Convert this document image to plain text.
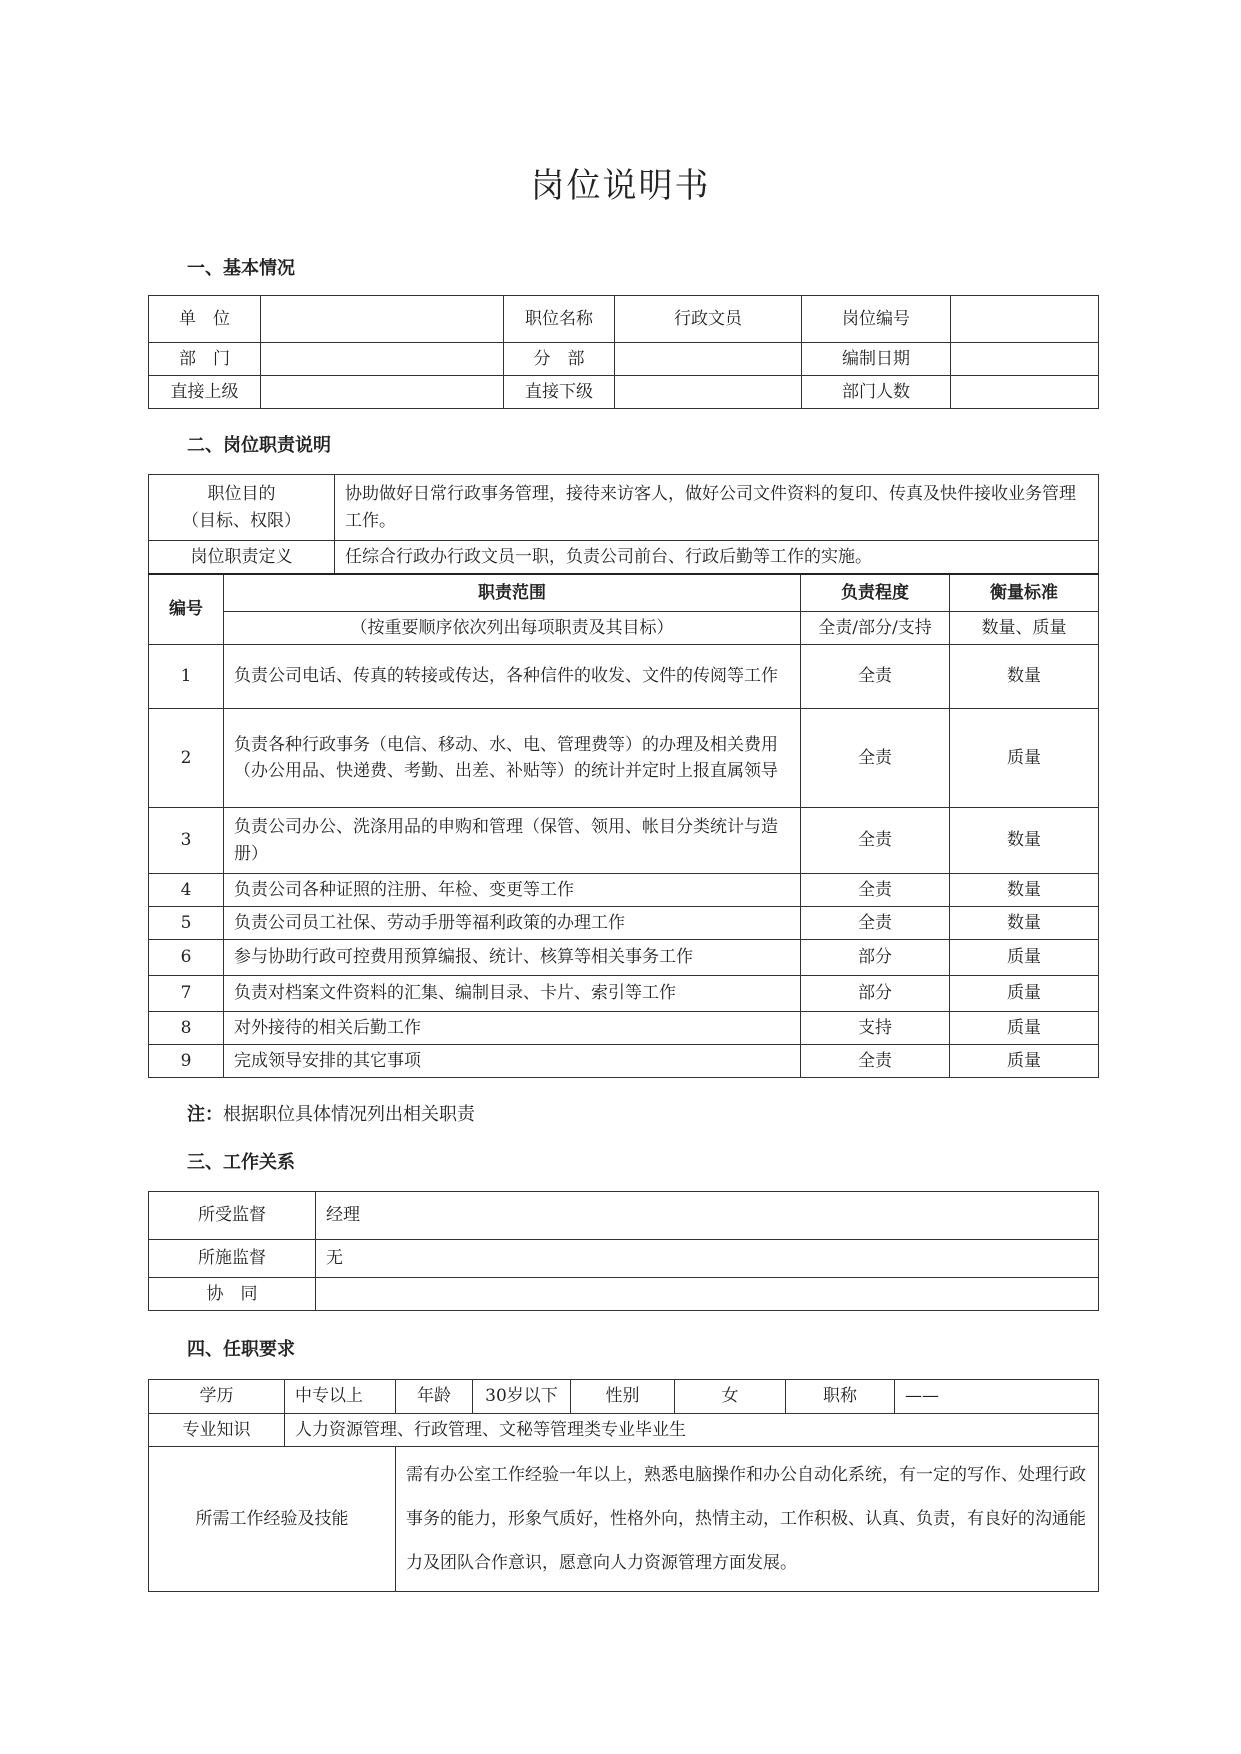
岗位说明书
一、基本情况
单　位		职位名称	行政文员	岗位编号	
部　门		分　部		编制日期	
直接上级		直接下级		部门人数	
二、岗位职责说明
职位目的
（目标、权限）		协助做好日常行政事务管理，接待来访客人，做好公司文件资料的复印、传真及快件接收业务管理工作。		
岗位职责定义		任综合行政办行政文员一职，负责公司前台、行政后勤等工作的实施。		
编号	职责范围		负责程度	衡量标准
	（按重要顺序依次列出每项职责及其目标）		全责/部分/支持	数量、质量
1	负责公司电话、传真的转接或传达，各种信件的收发、文件的传阅等工作		全责	数量
2	负责各种行政事务（电信、移动、水、电、管理费等）的办理及相关费用（办公用品、快递费、考勤、出差、补贴等）的统计并定时上报直属领导		全责	质量
3	负责公司办公、洗涤用品的申购和管理（保管、领用、帐目分类统计与造册）		全责	数量
4	负责公司各种证照的注册、年检、变更等工作		全责	数量
5	负责公司员工社保、劳动手册等福利政策的办理工作		全责	数量
6	参与协助行政可控费用预算编报、统计、核算等相关事务工作		部分	质量
7	负责对档案文件资料的汇集、编制目录、卡片、索引等工作		部分	质量
8	对外接待的相关后勤工作		支持	质量
9	完成领导安排的其它事项		全责	质量
注：根据职位具体情况列出相关职责
三、工作关系
所受监督	经理
所施监督	无
协　同	
四、任职要求
学历	中专以上	年龄	30岁以下	性别	女	职称	——
专业知识	人力资源管理、行政管理、文秘等管理类专业毕业生						
所需工作经验及技能		需有办公室工作经验一年以上，熟悉电脑操作和办公自动化系统，有一定的写作、处理行政事务的能力，形象气质好，性格外向，热情主动，工作积极、认真、负责，有良好的沟通能力及团队合作意识，愿意向人力资源管理方面发展。					
